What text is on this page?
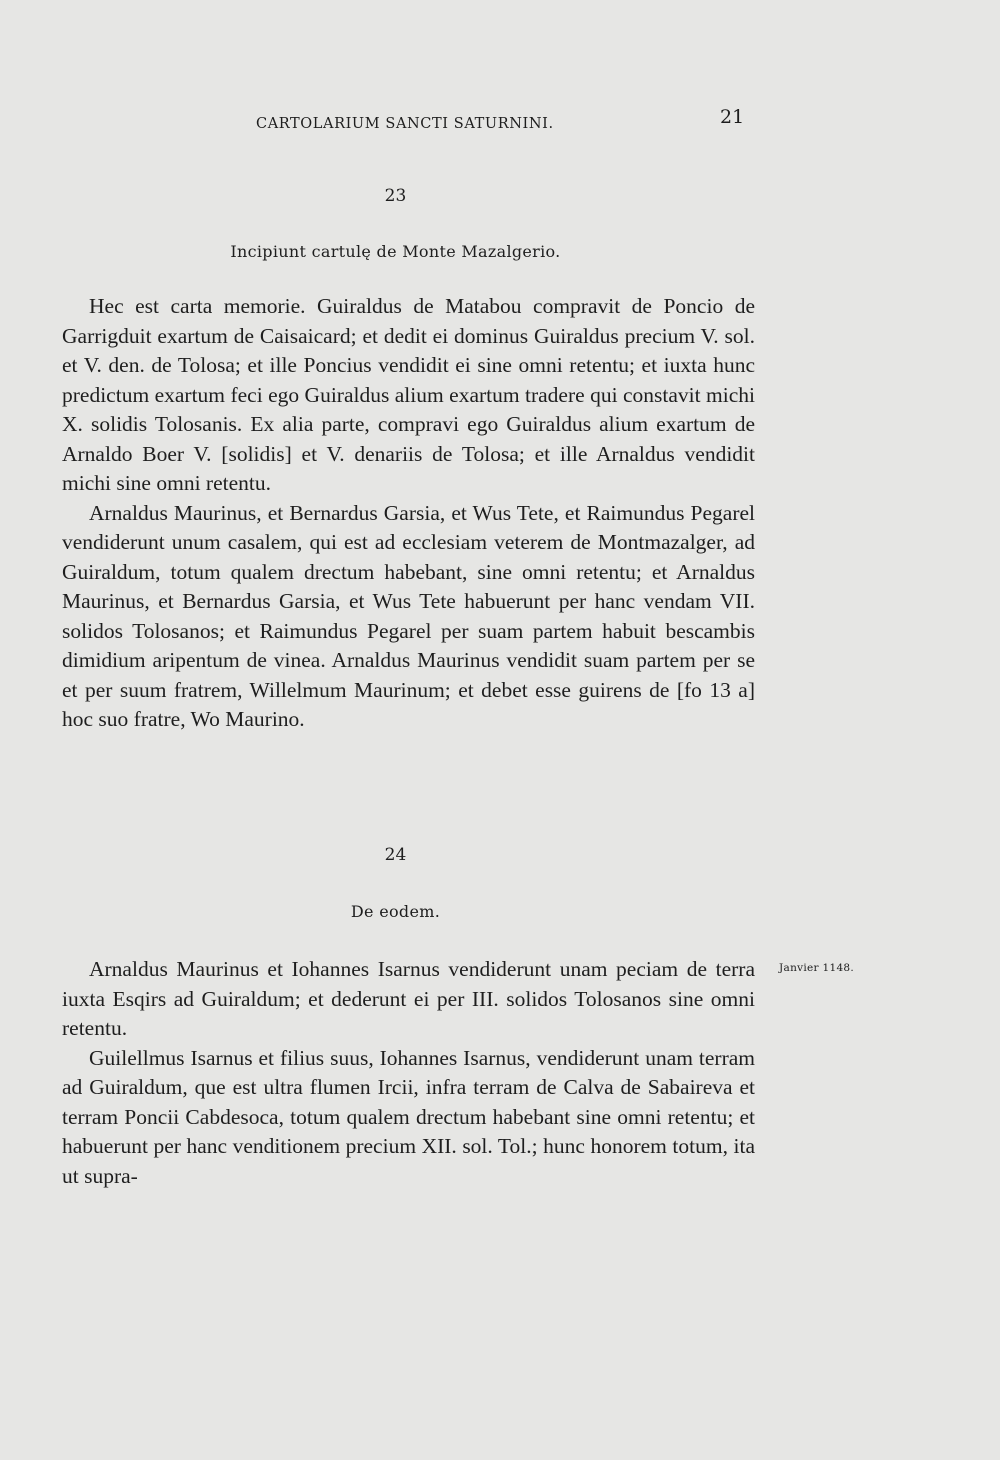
CARTOLARIUM SANCTI SATURNINI.	21
23
Incipiunt cartulę de Monte Mazalgerio.

Hec est carta memorie. Guiraldus de Matabou compravit de Poncio de Garrigduit exartum de Caisaicard; et dedit ei dominus Guiraldus precium V. sol. et V. den. de Tolosa; et ille Poncius vendidit ei sine omni retentu; et iuxta hunc predictum exartum feci ego Guiraldus alium exartum tradere qui constavit michi X. solidis Tolosanis. Ex alia parte, compravi ego Guiraldus alium exartum de Arnaldo Boer V. [solidis] et V. denariis de Tolosa; et ille Arnaldus vendidit michi sine omni retentu.

Arnaldus Maurinus, et Bernardus Garsia, et Wus Tete, et Raimundus Pegarel vendiderunt unum casalem, qui est ad ecclesiam veterem de Montmazalger, ad Guiraldum, totum qualem drectum habebant, sine omni retentu; et Arnaldus Maurinus, et Bernardus Garsia, et Wus Tete habuerunt per hanc vendam VII. solidos Tolosanos; et Raimundus Pegarel per suam partem habuit bescambis dimidium aripentum de vinea. Arnaldus Maurinus vendidit suam partem per se et per suum fratrem, Willelmum Maurinum; et debet esse guirens de [fo 13 a] hoc suo fratre, Wo Maurino.

24
De eodem.
Janvier 1148.

Arnaldus Maurinus et Iohannes Isarnus vendiderunt unam peciam de terra iuxta Esqirs ad Guiraldum; et dederunt ei per III. solidos Tolosanos sine omni retentu.

Guilellmus Isarnus et filius suus, Iohannes Isarnus, vendiderunt unam terram ad Guiraldum, que est ultra flumen Ircii, infra terram de Calva de Sabaireva et terram Poncii Cabdesoca, totum qualem drectum habebant sine omni retentu; et habuerunt per hanc venditionem precium XII. sol. Tol.; hunc honorem totum, ita ut supra-
